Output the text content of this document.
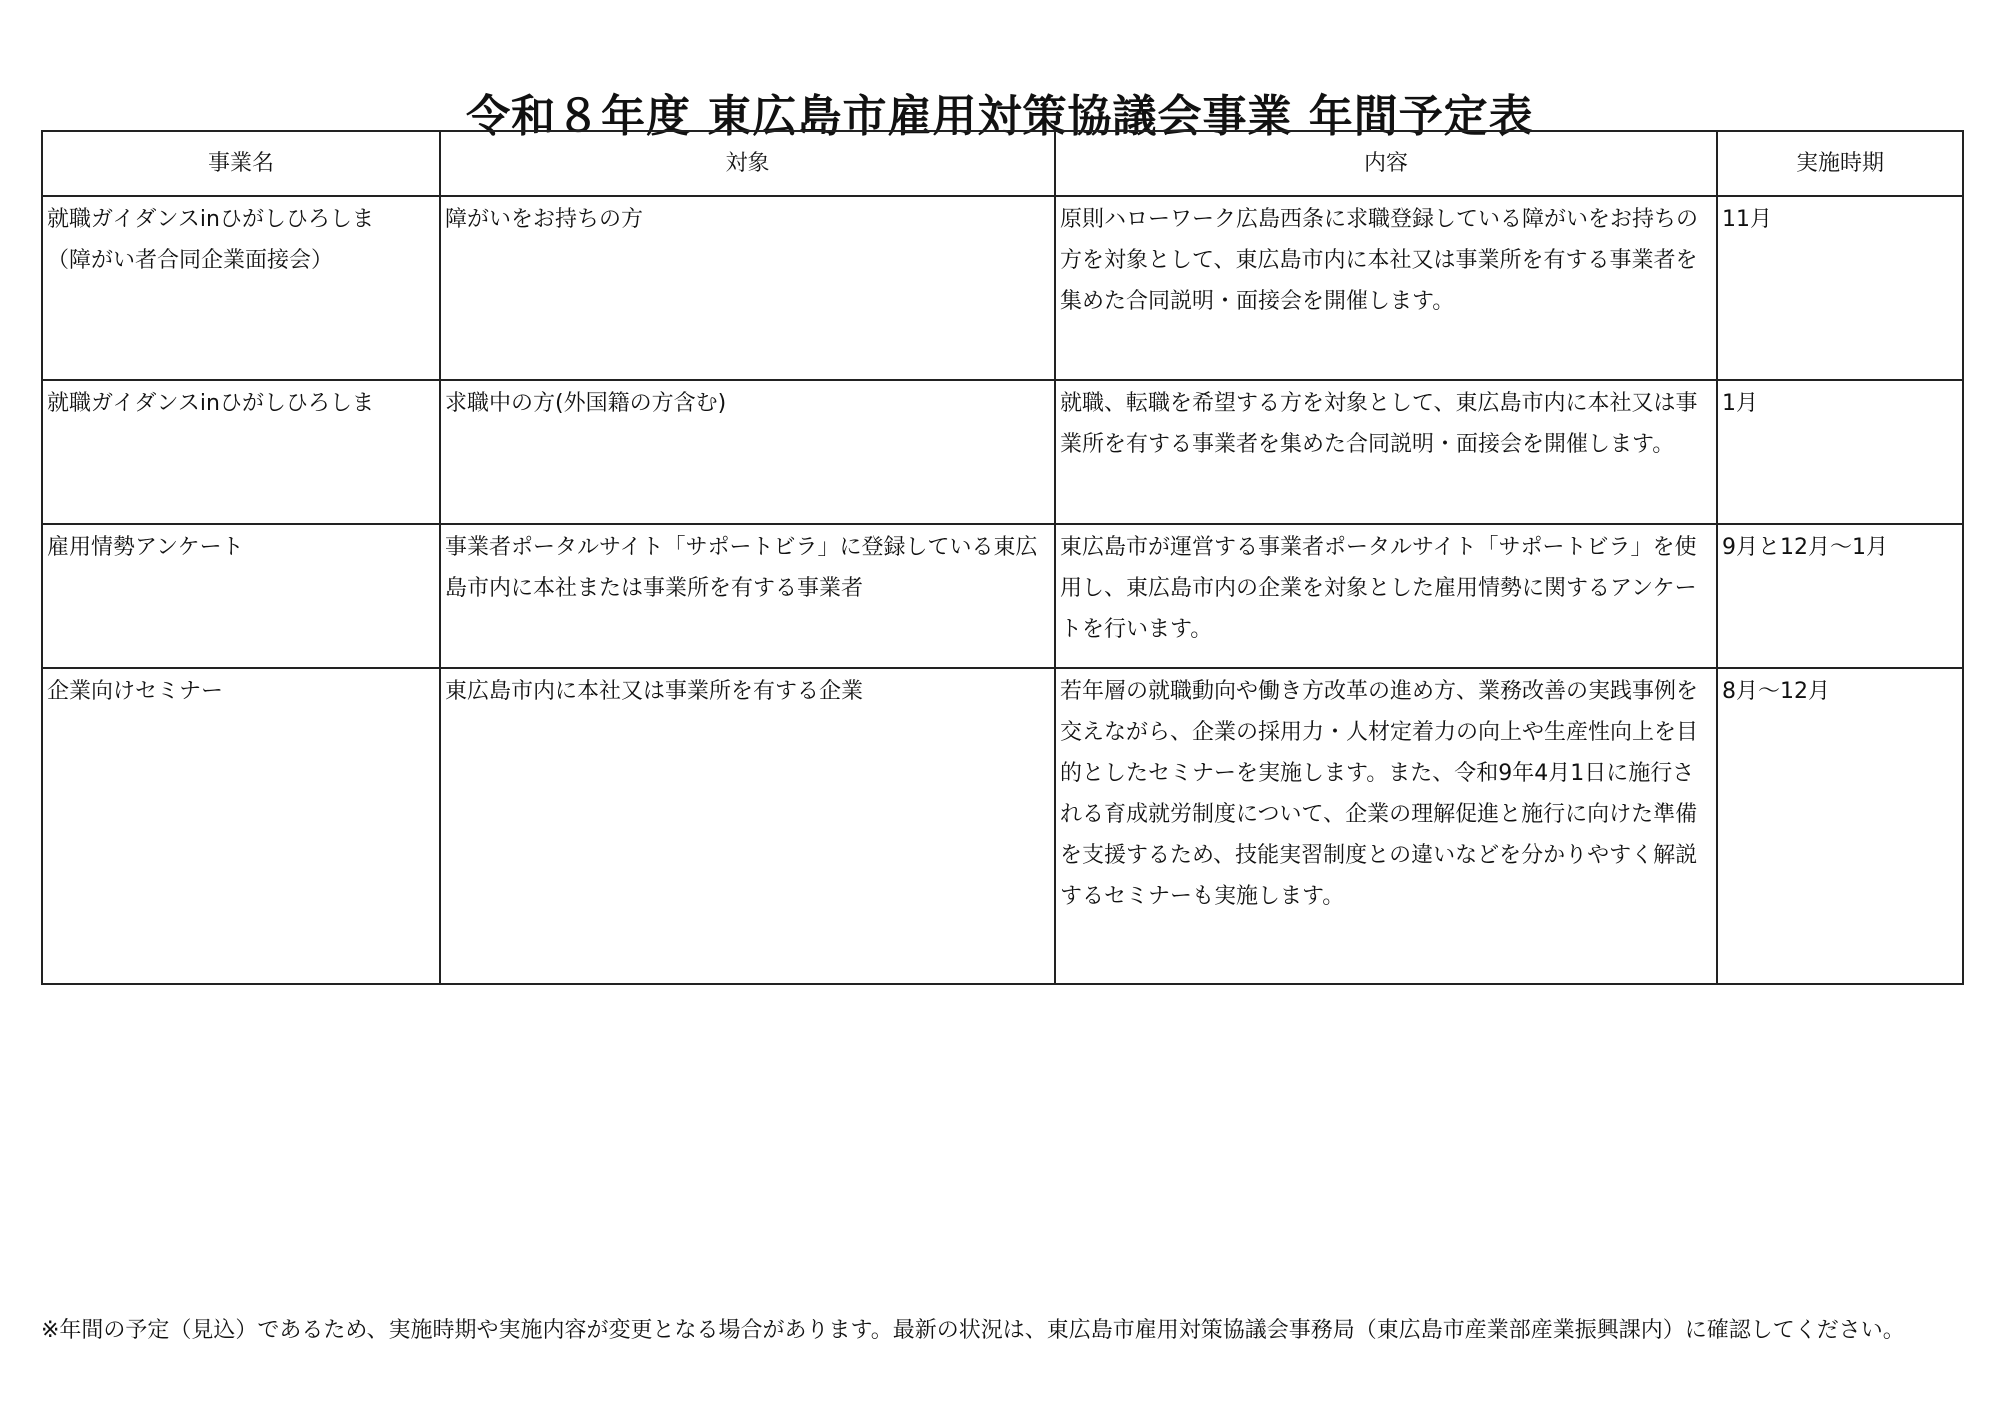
令和８年度 東広島市雇用対策協議会事業 年間予定表
事業名	対象	内容	実施時期
就職ガイダンスinひがしひろしま
（障がい者合同企業面接会）	障がいをお持ちの方	原則ハローワーク広島西条に求職登録している障がいをお持ちの方を対象として、東広島市内に本社又は事業所を有する事業者を集めた合同説明・面接会を開催します。	11月
就職ガイダンスinひがしひろしま	求職中の方(外国籍の方含む)	就職、転職を希望する方を対象として、東広島市内に本社又は事業所を有する事業者を集めた合同説明・面接会を開催します。	1月
雇用情勢アンケート	事業者ポータルサイト「サポートビラ」に登録している東広島市内に本社または事業所を有する事業者	東広島市が運営する事業者ポータルサイト「サポートビラ」を使用し、東広島市内の企業を対象とした雇用情勢に関するアンケートを行います。	9月と12月～1月
企業向けセミナー	東広島市内に本社又は事業所を有する企業	若年層の就職動向や働き方改革の進め方、業務改善の実践事例を交えながら、企業の採用力・人材定着力の向上や生産性向上を目的としたセミナーを実施します。また、令和9年4月1日に施行される育成就労制度について、企業の理解促進と施行に向けた準備を支援するため、技能実習制度との違いなどを分かりやすく解説するセミナーも実施します。	8月～12月

※年間の予定（見込）であるため、実施時期や実施内容が変更となる場合があります。最新の状況は、東広島市雇用対策協議会事務局（東広島市産業部産業振興課内）に確認してください。
